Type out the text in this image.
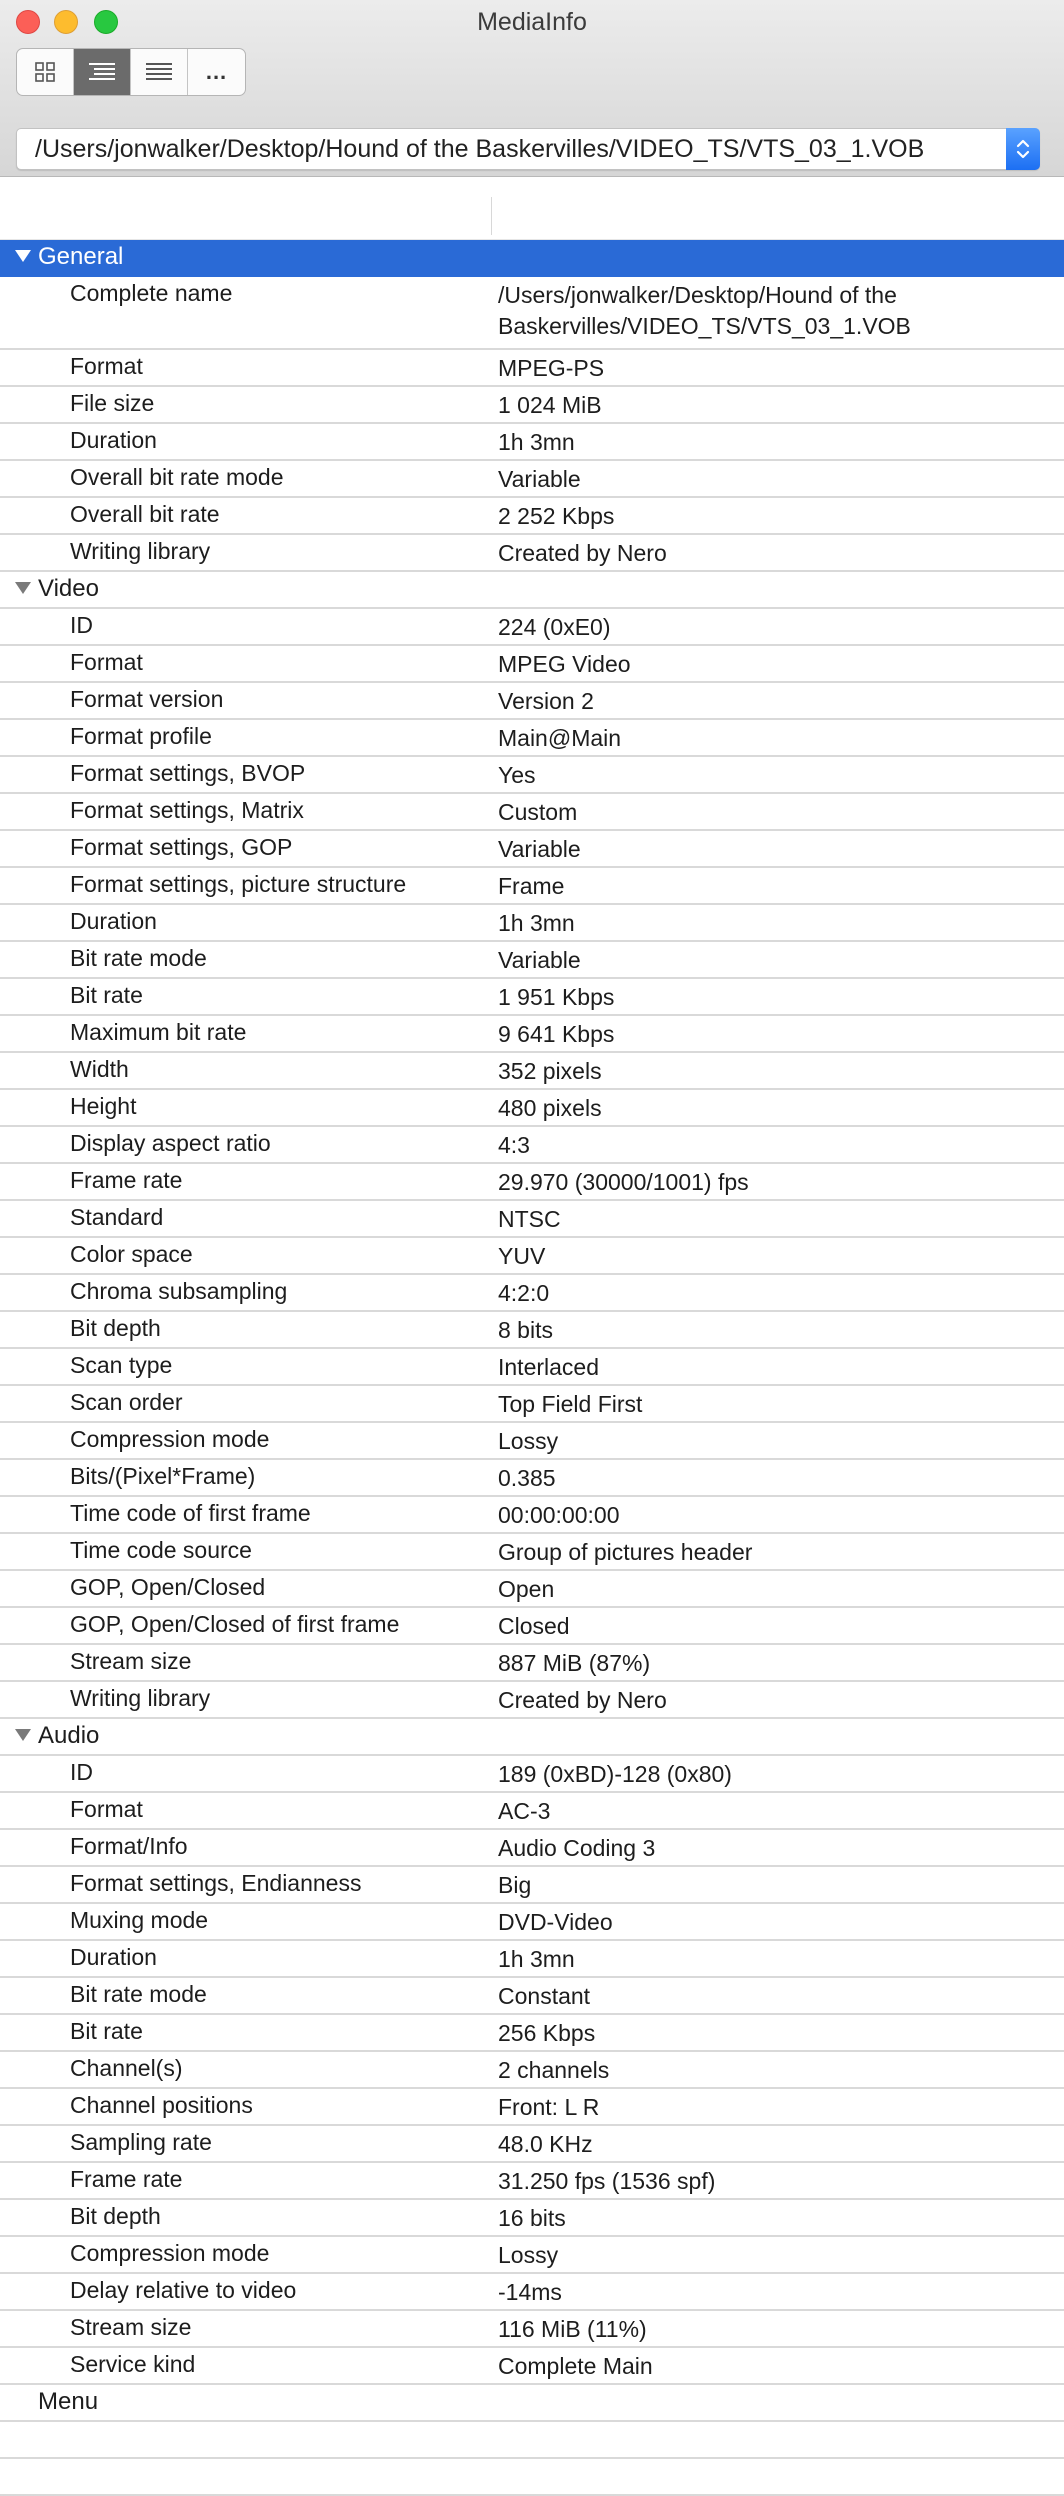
MediaInfo
...
/Users/jonwalker/Desktop/Hound of the Baskervilles/VIDEO_TS/VTS_03_1.VOB
General
Complete name	/Users/jonwalker/Desktop/Hound of the Baskervilles/VIDEO_TS/VTS_03_1.VOB
Format	MPEG-PS
File size	1 024 MiB
Duration	1h 3mn
Overall bit rate mode	Variable
Overall bit rate	2 252 Kbps
Writing library	Created by Nero
Video
ID	224 (0xE0)
Format	MPEG Video
Format version	Version 2
Format profile	Main@Main
Format settings, BVOP	Yes
Format settings, Matrix	Custom
Format settings, GOP	Variable
Format settings, picture structure	Frame
Duration	1h 3mn
Bit rate mode	Variable
Bit rate	1 951 Kbps
Maximum bit rate	9 641 Kbps
Width	352 pixels
Height	480 pixels
Display aspect ratio	4:3
Frame rate	29.970 (30000/1001) fps
Standard	NTSC
Color space	YUV
Chroma subsampling	4:2:0
Bit depth	8 bits
Scan type	Interlaced
Scan order	Top Field First
Compression mode	Lossy
Bits/(Pixel*Frame)	0.385
Time code of first frame	00:00:00:00
Time code source	Group of pictures header
GOP, Open/Closed	Open
GOP, Open/Closed of first frame	Closed
Stream size	887 MiB (87%)
Writing library	Created by Nero
Audio
ID	189 (0xBD)-128 (0x80)
Format	AC-3
Format/Info	Audio Coding 3
Format settings, Endianness	Big
Muxing mode	DVD-Video
Duration	1h 3mn
Bit rate mode	Constant
Bit rate	256 Kbps
Channel(s)	2 channels
Channel positions	Front: L R
Sampling rate	48.0 KHz
Frame rate	31.250 fps (1536 spf)
Bit depth	16 bits
Compression mode	Lossy
Delay relative to video	-14ms
Stream size	116 MiB (11%)
Service kind	Complete Main
Menu
